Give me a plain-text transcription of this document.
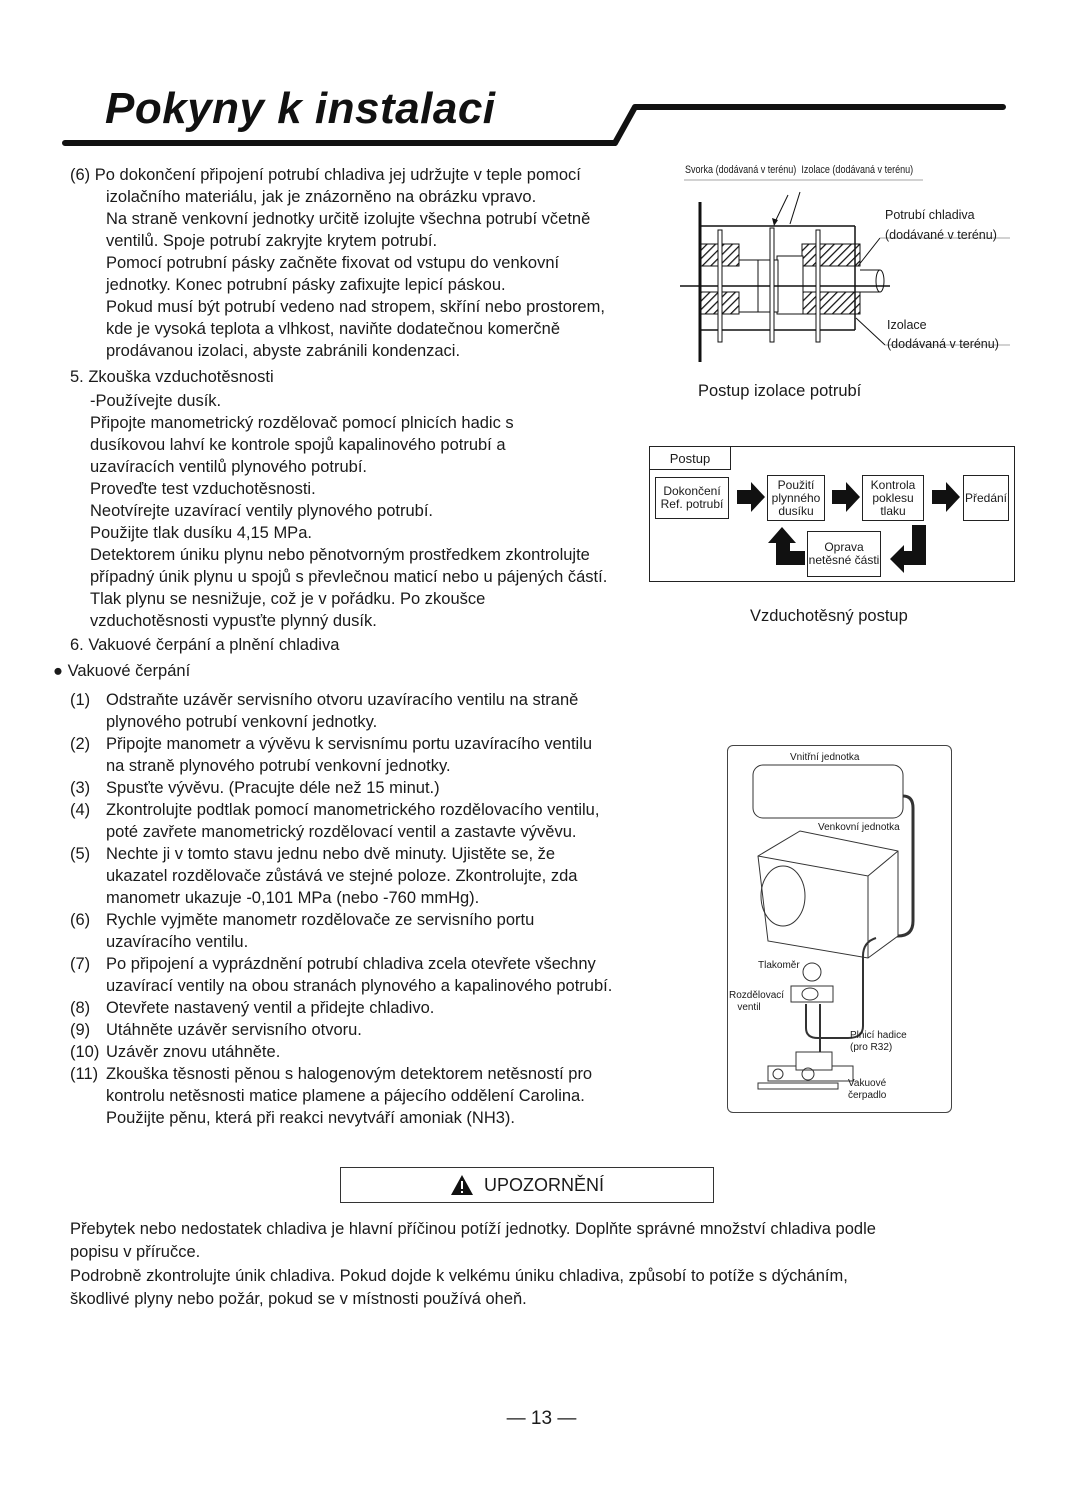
Pokyny k instalaci
(6) Po dokončení připojení potrubí chladiva jej udržujte v teple pomocí
izolačního materiálu, jak je znázorněno na obrázku vpravo.
Na straně venkovní jednotky určitě izolujte všechna potrubí včetně
ventilů. Spoje potrubí zakryjte krytem potrubí.
Pomocí potrubní pásky začněte fixovat od vstupu do venkovní
jednotky. Konec potrubní pásky zafixujte lepicí páskou.
Pokud musí být potrubí vedeno nad stropem, skříní nebo prostorem,
kde je vysoká teplota a vlhkost, naviňte dodatečnou komerčně
prodávanou izolaci, abyste zabránili kondenzaci.
5. Zkouška vzduchotěsnosti
-Používejte dusík.
Připojte manometrický rozdělovač pomocí plnicích hadic s
dusíkovou lahví ke kontrole spojů kapalinového potrubí a
uzavíracích ventilů plynového potrubí.
Proveďte test vzduchotěsnosti.
Neotvírejte uzavírací ventily plynového potrubí.
Použijte tlak dusíku 4,15 MPa.
Detektorem úniku plynu nebo pěnotvorným prostředkem zkontrolujte
případný únik plynu u spojů s převlečnou maticí nebo u pájených částí.
Tlak plynu se nesnižuje, což je v pořádku. Po zkoušce
vzduchotěsnosti vypusťte plynný dusík.
6. Vakuové čerpání a plnění chladiva
● Vakuové čerpání
(1) Odstraňte uzávěr servisního otvoru uzavíracího ventilu na straně
plynového potrubí venkovní jednotky.
(2) Připojte manometr a vývěvu k servisnímu portu uzavíracího ventilu
na straně plynového potrubí venkovní jednotky.
(3) Spusťte vývěvu. (Pracujte déle než 15 minut.)
(4) Zkontrolujte podtlak pomocí manometrického rozdělovacího ventilu,
poté zavřete manometrický rozdělovací ventil a zastavte vývěvu.
(5) Nechte ji v tomto stavu jednu nebo dvě minuty. Ujistěte se, že
ukazatel rozdělovače zůstává ve stejné poloze. Zkontrolujte, zda
manometr ukazuje -0,101 MPa (nebo -760 mmHg).
(6) Rychle vyjměte manometr rozdělovače ze servisního portu
uzavíracího ventilu.
(7) Po připojení a vyprázdnění potrubí chladiva zcela otevřete všechny
uzavírací ventily na obou stranách plynového a kapalinového potrubí.
(8) Otevřete nastavený ventil a přidejte chladivo.
(9) Utáhněte uzávěr servisního otvoru.
(10) Uzávěr znovu utáhněte.
(11) Zkouška těsnosti pěnou s halogenovým detektorem netěsností pro
kontrolu netěsnosti matice plamene a pájecího oddělení Carolina.
Použijte pěnu, která při reakci nevytváří amoniak (NH3).
Svorka (dodávaná v terénu) Izolace (dodávaná v terénu)
Potrubí chladiva
(dodávané v terénu)
Izolace
(dodávaná v terénu)
Postup izolace potrubí
Postup
Dokončení Ref. potrubí
Použití plynného dusíku
Kontrola poklesu tlaku
Předání
Oprava netěsné části
Vzduchotěsný postup
Vnitřní jednotka
Venkovní jednotka
Tlakoměr
Rozdělovací ventil
Plnicí hadice (pro R32)
Vakuové čerpadlo
UPOZORNĚNÍ
Přebytek nebo nedostatek chladiva je hlavní příčinou potíží jednotky. Doplňte správné množství chladiva podle
popisu v příručce.
Podrobně zkontrolujte únik chladiva. Pokud dojde k velkému úniku chladiva, způsobí to potíže s dýcháním,
škodlivé plyny nebo požár, pokud se v místnosti používá oheň.
— 13 —
